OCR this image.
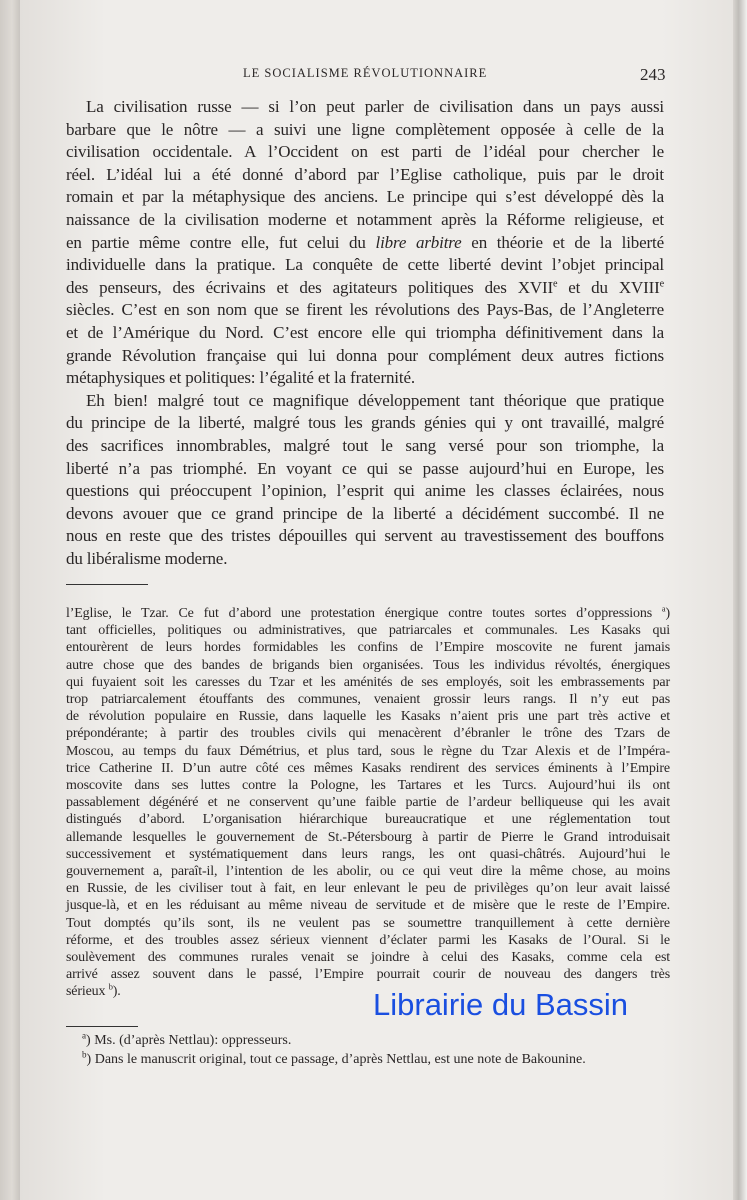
LE SOCIALISME RÉVOLUTIONNAIRE	243
La civilisation russe — si l’on peut parler de civilisation dans un pays aussi
barbare que le nôtre — a suivi une ligne complètement opposée à celle de la
civilisation occidentale. A l’Occident on est parti de l’idéal pour chercher le
réel. L’idéal lui a été donné d’abord par l’Eglise catholique, puis par le droit
romain et par la métaphysique des anciens. Le principe qui s’est développé dès la
naissance de la civilisation moderne et notamment après la Réforme religieuse, et
en partie même contre elle, fut celui du libre arbitre en théorie et de la liberté
individuelle dans la pratique. La conquête de cette liberté devint l’objet principal
des penseurs, des écrivains et des agitateurs politiques des XVIIe et du XVIIIe
siècles. C’est en son nom que se firent les révolutions des Pays-Bas, de l’Angleterre
et de l’Amérique du Nord. C’est encore elle qui triompha définitivement dans la
grande Révolution française qui lui donna pour complément deux autres fictions
métaphysiques et politiques: l’égalité et la fraternité.
Eh bien! malgré tout ce magnifique développement tant théorique que pratique
du principe de la liberté, malgré tous les grands génies qui y ont travaillé, malgré
des sacrifices innombrables, malgré tout le sang versé pour son triomphe, la
liberté n’a pas triomphé. En voyant ce qui se passe aujourd’hui en Europe, les
questions qui préoccupent l’opinion, l’esprit qui anime les classes éclairées, nous
devons avouer que ce grand principe de la liberté a décidément succombé. Il ne
nous en reste que des tristes dépouilles qui servent au travestissement des bouffons
du libéralisme moderne.
l’Eglise, le Tzar. Ce fut d’abord une protestation énergique contre toutes sortes d’oppressions $^a$)
tant officielles, politiques ou administratives, que patriarcales et communales. Les Kasaks qui
entourèrent de leurs hordes formidables les confins de l’Empire moscovite ne furent jamais
autre chose que des bandes de brigands bien organisées. Tous les individus révoltés, énergiques
qui fuyaient soit les caresses du Tzar et les aménités de ses employés, soit les embrassements par
trop patriarcalement étouffants des communes, venaient grossir leurs rangs. Il n’y eut pas
de révolution populaire en Russie, dans laquelle les Kasaks n’aient pris une part très active et
prépondérante; à partir des troubles civils qui menacèrent d’ébranler le trône des Tzars de
Moscou, au temps du faux Démétrius, et plus tard, sous le règne du Tzar Alexis et de l’Impéra-
trice Catherine II. D’un autre côté ces mêmes Kasaks rendirent des services éminents à l’Empire
moscovite dans ses luttes contre la Pologne, les Tartares et les Turcs. Aujourd’hui ils ont
passablement dégénéré et ne conservent qu’une faible partie de l’ardeur belliqueuse qui les avait
distingués d’abord. L’organisation hiérarchique bureaucratique et une réglementation tout
allemande lesquelles le gouvernement de St.-Pétersbourg à partir de Pierre le Grand introduisait
successivement et systématiquement dans leurs rangs, les ont quasi-châtrés. Aujourd’hui le
gouvernement a, paraît-il, l’intention de les abolir, ou ce qui veut dire la même chose, au moins
en Russie, de les civiliser tout à fait, en leur enlevant le peu de privilèges qu’on leur avait laissé
jusque-là, et en les réduisant au même niveau de servitude et de misère que le reste de l’Empire.
Tout domptés qu’ils sont, ils ne veulent pas se soumettre tranquillement à cette dernière
réforme, et des troubles assez sérieux viennent d’éclater parmi les Kasaks de l’Oural. Si le
soulèvement des communes rurales venait se joindre à celui des Kasaks, comme cela est
arrivé assez souvent dans le passé, l’Empire pourrait courir de nouveau des dangers très
sérieux $^b$).
$^a$) Ms. (d’après Nettlau): oppresseurs.
$^b$) Dans le manuscrit original, tout ce passage, d’après Nettlau, est une note de Bakounine.
Librairie du Bassin
